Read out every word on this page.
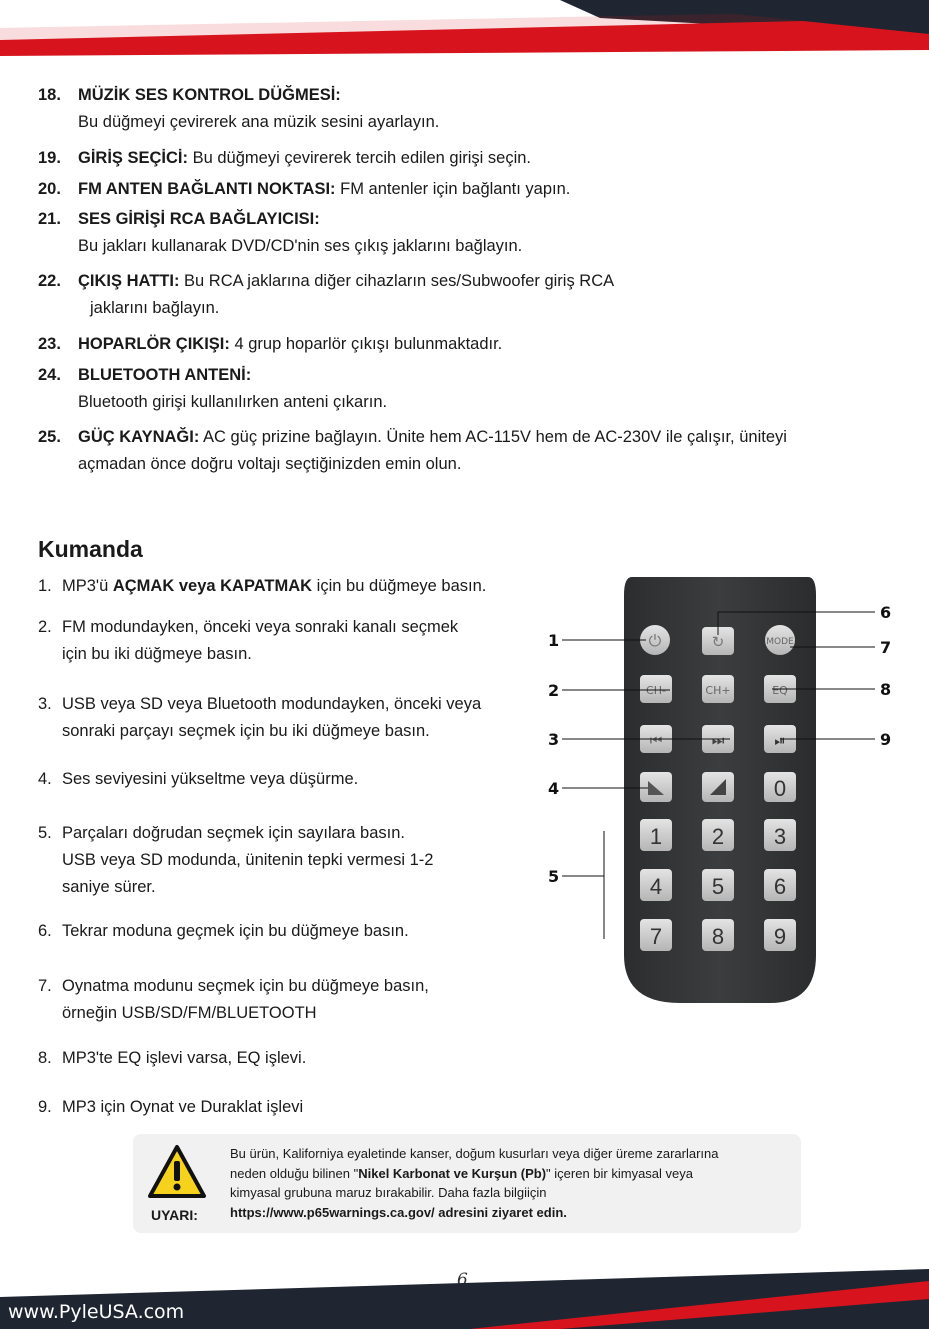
18. MÜZİK SES KONTROL DÜĞMESİ:
Bu düğmeyi çevirerek ana müzik sesini ayarlayın.
19. GİRİŞ SEÇİCİ: Bu düğmeyi çevirerek tercih edilen girişi seçin.
20. FM ANTEN BAĞLANTI NOKTASI: FM antenler için bağlantı yapın.
21. SES GİRİŞİ RCA BAĞLAYICISI:
Bu jakları kullanarak DVD/CD'nin ses çıkış jaklarını bağlayın.
22. ÇIKIŞ HATTI: Bu RCA jaklarına diğer cihazların ses/Subwoofer giriş RCA
jaklarını bağlayın.
23. HOPARLÖR ÇIKIŞI: 4 grup hoparlör çıkışı bulunmaktadır.
24. BLUETOOTH ANTENİ:
Bluetooth girişi kullanılırken anteni çıkarın.
25. GÜÇ KAYNAĞI: AC güç prizine bağlayın. Ünite hem AC-115V hem de AC-230V ile çalışır, üniteyi
açmadan önce doğru voltajı seçtiğinizden emin olun.
Kumanda
1. MP3'ü AÇMAK veya KAPATMAK için bu düğmeye basın.
2. FM modundayken, önceki veya sonraki kanalı seçmek
için bu iki düğmeye basın.
3. USB veya SD veya Bluetooth modundayken, önceki veya
sonraki parçayı seçmek için bu iki düğmeye basın.
4. Ses seviyesini yükseltme veya düşürme.
5. Parçaları doğrudan seçmek için sayılara basın.
USB veya SD modunda, ünitenin tepki vermesi 1-2
saniye sürer.
6. Tekrar moduna geçmek için bu düğmeye basın.
7. Oynatma modunu seçmek için bu düğmeye basın,
örneğin USB/SD/FM/BLUETOOTH
8. MP3'te EQ işlevi varsa, EQ işlevi.
9. MP3 için Oynat ve Duraklat işlevi
⏻	↻	MODE
CH-	CH+	EQ
⏮	⏭	⏯
0
1 2 3
4 5 6
7 8 9
1
2
3
4
5
6
7
8
9
UYARI:
Bu ürün, Kaliforniya eyaletinde kanser, doğum kusurları veya diğer üreme zararlarına
neden olduğu bilinen "Nikel Karbonat ve Kurşun (Pb)" içeren bir kimyasal veya
kimyasal grubuna maruz bırakabilir. Daha fazla bilgiiçin
https://www.p65warnings.ca.gov/ adresini ziyaret edin.
6
www.PyleUSA.com
